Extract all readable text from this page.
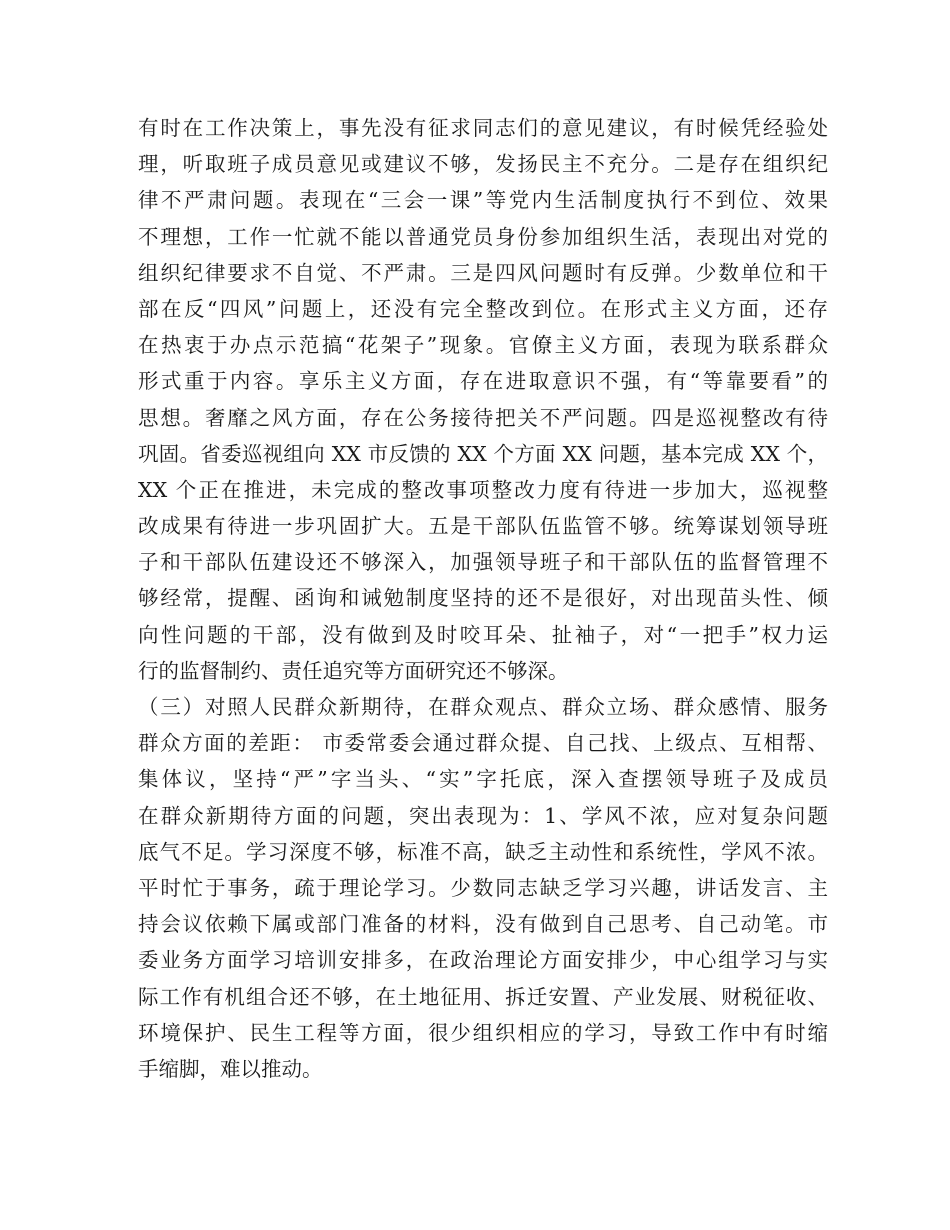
有时在工作决策上，事先没有征求同志们的意见建议，有时候凭经验处
理，听取班子成员意见或建议不够，发扬民主不充分。二是存在组织纪
律不严肃问题。表现在“三会一课”等党内生活制度执行不到位、效果
不理想，工作一忙就不能以普通党员身份参加组织生活，表现出对党的
组织纪律要求不自觉、不严肃。三是四风问题时有反弹。少数单位和干
部在反“四风”问题上，还没有完全整改到位。在形式主义方面，还存
在热衷于办点示范搞“花架子”现象。官僚主义方面，表现为联系群众
形式重于内容。享乐主义方面，存在进取意识不强，有“等靠要看”的
思想。奢靡之风方面，存在公务接待把关不严问题。四是巡视整改有待
巩固。省委巡视组向 XX 市反馈的 XX 个方面 XX 问题，基本完成 XX 个，
XX 个正在推进，未完成的整改事项整改力度有待进一步加大，巡视整
改成果有待进一步巩固扩大。五是干部队伍监管不够。统筹谋划领导班
子和干部队伍建设还不够深入，加强领导班子和干部队伍的监督管理不
够经常，提醒、函询和诫勉制度坚持的还不是很好，对出现苗头性、倾
向性问题的干部，没有做到及时咬耳朵、扯袖子，对“一把手”权力运
行的监督制约、责任追究等方面研究还不够深。
（三）对照人民群众新期待，在群众观点、群众立场、群众感情、服务
群众方面的差距： 市委常委会通过群众提、自己找、上级点、互相帮、
集体议，坚持“严”字当头、“实”字托底，深入查摆领导班子及成员
在群众新期待方面的问题，突出表现为：1、学风不浓，应对复杂问题
底气不足。学习深度不够，标准不高，缺乏主动性和系统性，学风不浓。
平时忙于事务，疏于理论学习。少数同志缺乏学习兴趣，讲话发言、主
持会议依赖下属或部门准备的材料，没有做到自己思考、自己动笔。市
委业务方面学习培训安排多，在政治理论方面安排少，中心组学习与实
际工作有机组合还不够，在土地征用、拆迁安置、产业发展、财税征收、
环境保护、民生工程等方面，很少组织相应的学习，导致工作中有时缩
手缩脚，难以推动。
